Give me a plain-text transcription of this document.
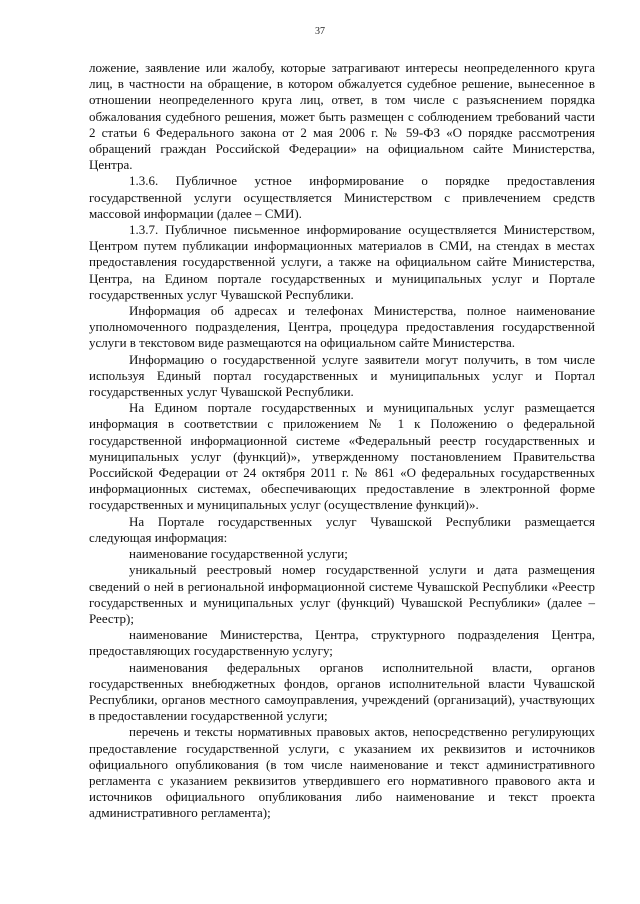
37

ложение, заявление или жалобу, которые затрагивают интересы неопределенного круга лиц, в частности на обращение, в котором обжалуется судебное решение, вынесенное в отношении неопределенного круга лиц, ответ, в том числе с разъяснением порядка обжалования судебного решения, может быть размещен с соблюдением требований части 2 статьи 6 Федерального закона от 2 мая 2006 г. № 59-ФЗ «О порядке рассмотрения обращений граждан Российской Федерации» на официальном сайте Министерства, Центра.

1.3.6. Публичное устное информирование о порядке предоставления государственной услуги осуществляется Министерством с привлечением средств массовой информации (далее – СМИ).

1.3.7. Публичное письменное информирование осуществляется Министерством, Центром путем публикации информационных материалов в СМИ, на стендах в местах предоставления государственной услуги, а также на официальном сайте Министерства, Центра, на Едином портале государственных и муниципальных услуг и Портале государственных услуг Чувашской Республики.

Информация об адресах и телефонах Министерства, полное наименование уполномоченного подразделения, Центра, процедура предоставления государственной услуги в текстовом виде размещаются на официальном сайте Министерства.

Информацию о государственной услуге заявители могут получить, в том числе используя Единый портал государственных и муниципальных услуг и Портал государственных услуг Чувашской Республики.

На Едином портале государственных и муниципальных услуг размещается информация в соответствии с приложением № 1 к Положению о федеральной государственной информационной системе «Федеральный реестр государственных и муниципальных услуг (функций)», утвержденному постановлением Правительства Российской Федерации от 24 октября 2011 г. № 861 «О федеральных государственных информационных системах, обеспечивающих предоставление в электронной форме государственных и муниципальных услуг (осуществление функций)».

На Портале государственных услуг Чувашской Республики размещается следующая информация:

наименование государственной услуги;

уникальный реестровый номер государственной услуги и дата размещения сведений о ней в региональной информационной системе Чувашской Республики «Реестр государственных и муниципальных услуг (функций) Чувашской Республики» (далее – Реестр);

наименование Министерства, Центра, структурного подразделения Центра, предоставляющих государственную услугу;

наименования федеральных органов исполнительной власти, органов государственных внебюджетных фондов, органов исполнительной власти Чувашской Республики, органов местного самоуправления, учреждений (организаций), участвующих в предоставлении государственной услуги;

перечень и тексты нормативных правовых актов, непосредственно регулирующих предоставление государственной услуги, с указанием их реквизитов и источников официального опубликования (в том числе наименование и текст административного регламента с указанием реквизитов утвердившего его нормативного правового акта и источников официального опубликования либо наименование и текст проекта административного регламента);
